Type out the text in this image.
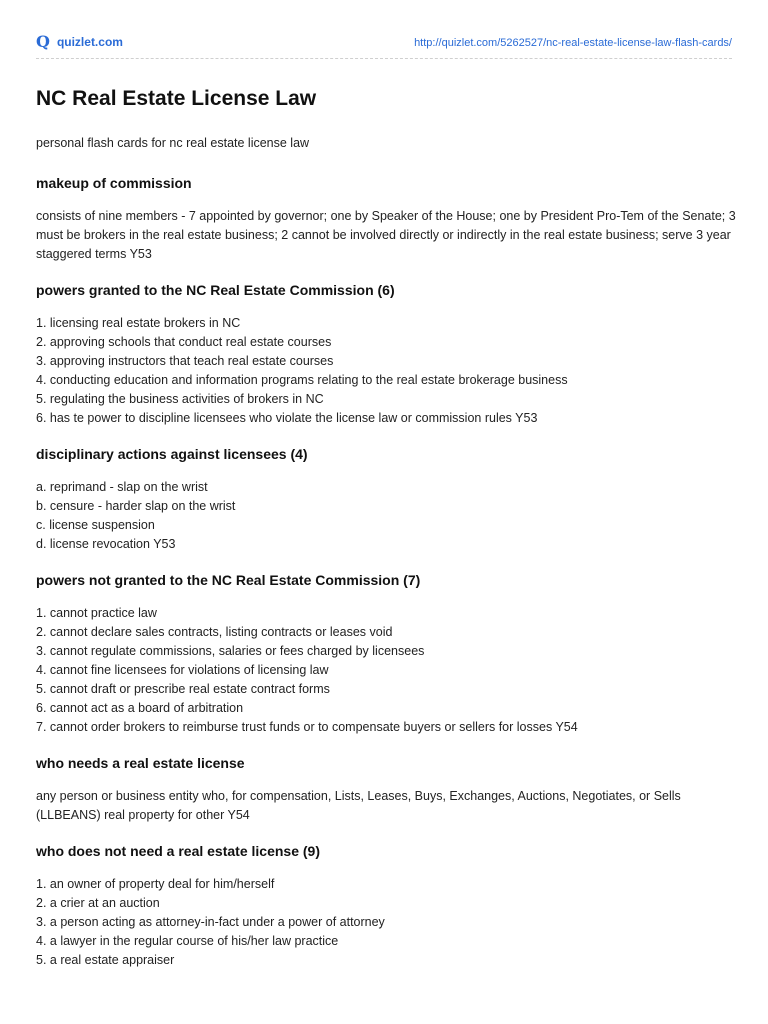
Q quizlet.com	http://quizlet.com/5262527/nc-real-estate-license-law-flash-cards/
NC Real Estate License Law

personal flash cards for nc real estate license law

makeup of commission
consists of nine members - 7 appointed by governor; one by Speaker of the House; one by President Pro-Tem of the Senate; 3 must be brokers in the real estate business; 2 cannot be involved directly or indirectly in the real estate business; serve 3 year staggered terms Y53
powers granted to the NC Real Estate Commission (6)
1. licensing real estate brokers in NC
2. approving schools that conduct real estate courses
3. approving instructors that teach real estate courses
4. conducting education and information programs relating to the real estate brokerage business
5. regulating the business activities of brokers in NC
6. has te power to discipline licensees who violate the license law or commission rules Y53
disciplinary actions against licensees (4)
a. reprimand - slap on the wrist
b. censure - harder slap on the wrist
c. license suspension
d. license revocation Y53
powers not granted to the NC Real Estate Commission (7)
1. cannot practice law
2. cannot declare sales contracts, listing contracts or leases void
3. cannot regulate commissions, salaries or fees charged by licensees
4. cannot fine licensees for violations of licensing law
5. cannot draft or prescribe real estate contract forms
6. cannot act as a board of arbitration
7. cannot order brokers to reimburse trust funds or to compensate buyers or sellers for losses Y54
who needs a real estate license
any person or business entity who, for compensation, Lists, Leases, Buys, Exchanges, Auctions, Negotiates, or Sells (LLBEANS) real property for other Y54
who does not need a real estate license (9)
1. an owner of property deal for him/herself
2. a crier at an auction
3. a person acting as attorney-in-fact under a power of attorney
4. a lawyer in the regular course of his/her law practice
5. a real estate appraiser
